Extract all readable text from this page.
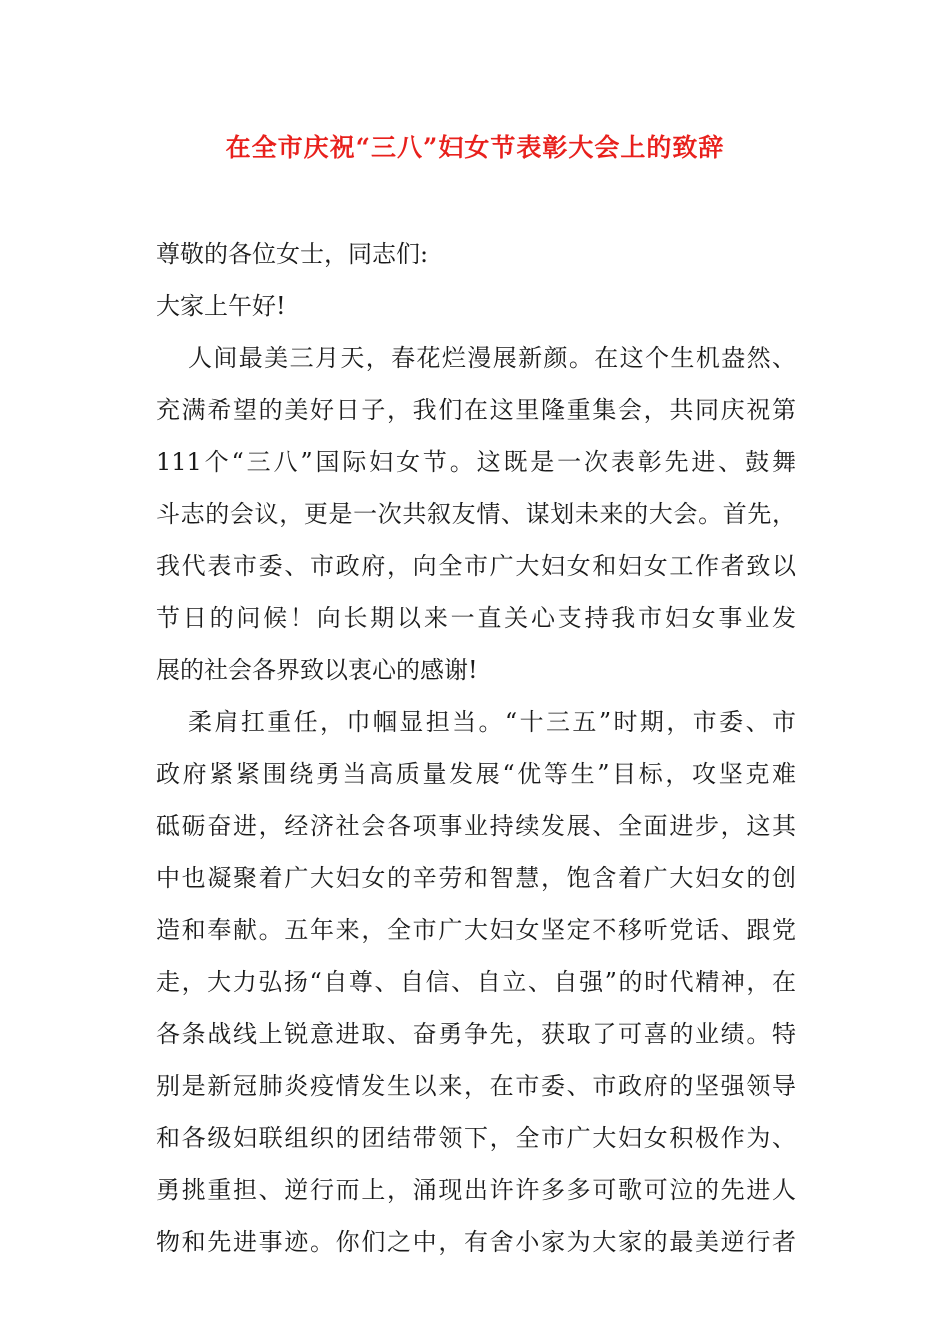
在全市庆祝“三八”妇女节表彰大会上的致辞
尊敬的各位女士，同志们:
大家上午好!
人间最美三月天，春花烂漫展新颜。在这个生机盎然、
充满希望的美好日子，我们在这里隆重集会，共同庆祝第
111个“三八”国际妇女节。这既是一次表彰先进、鼓舞
斗志的会议，更是一次共叙友情、谋划未来的大会。首先，
我代表市委、市政府，向全市广大妇女和妇女工作者致以
节日的问候！向长期以来一直关心支持我市妇女事业发
展的社会各界致以衷心的感谢!
柔肩扛重任，巾帼显担当。“十三五”时期，市委、市
政府紧紧围绕勇当高质量发展“优等生”目标，攻坚克难
砥砺奋进，经济社会各项事业持续发展、全面进步，这其
中也凝聚着广大妇女的辛劳和智慧，饱含着广大妇女的创
造和奉献。五年来，全市广大妇女坚定不移听党话、跟党
走，大力弘扬“自尊、自信、自立、自强”的时代精神，在
各条战线上锐意进取、奋勇争先，获取了可喜的业绩。特
别是新冠肺炎疫情发生以来，在市委、市政府的坚强领导
和各级妇联组织的团结带领下，全市广大妇女积极作为、
勇挑重担、逆行而上，涌现出许许多多可歌可泣的先进人
物和先进事迹。你们之中，有舍小家为大家的最美逆行者
